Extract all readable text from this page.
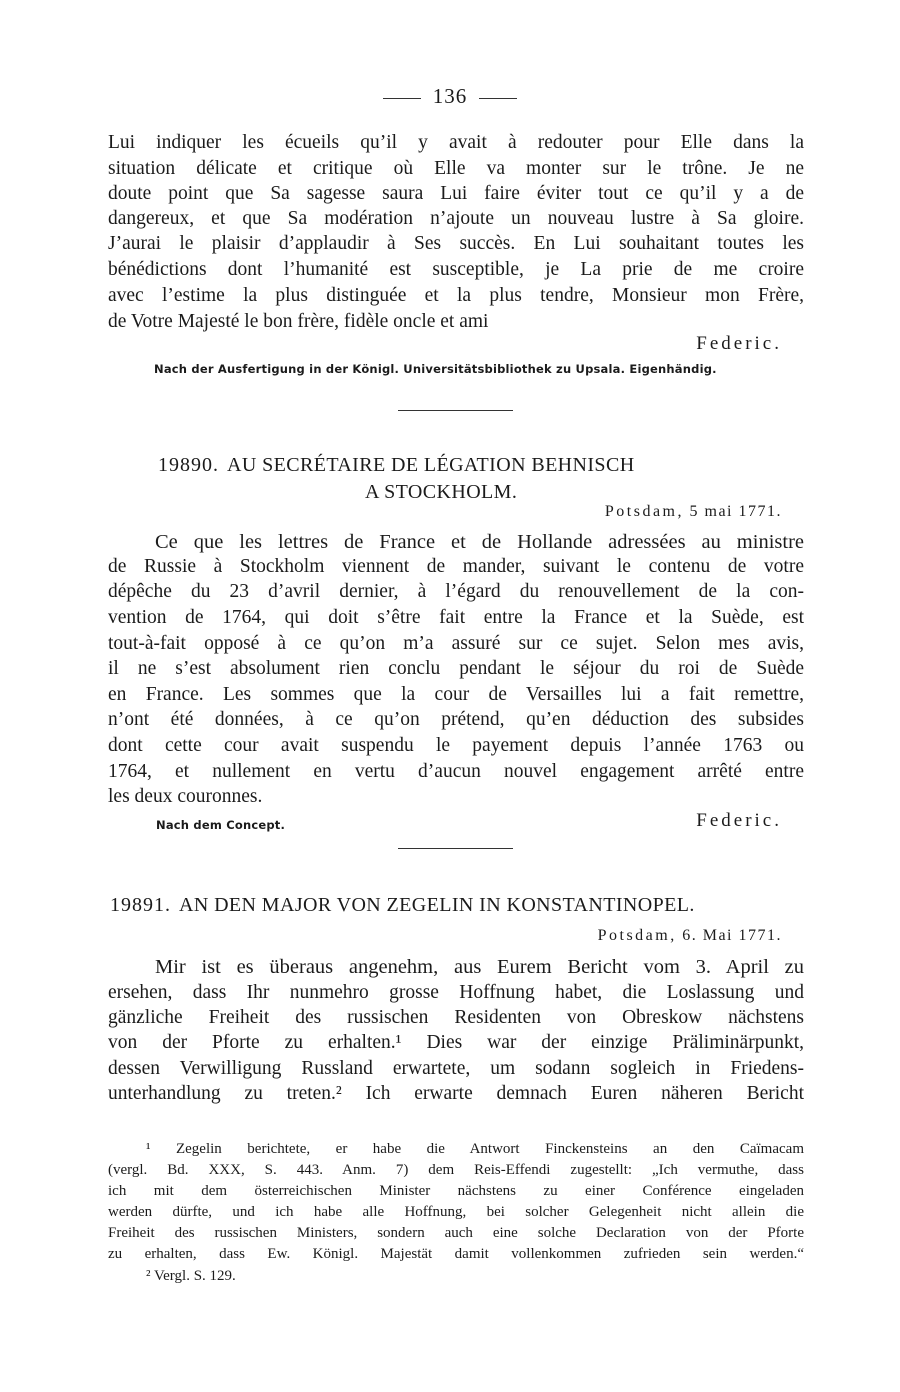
136

Lui indiquer les écueils qu’il y avait à redouter pour Elle dans la

situation délicate et critique où Elle va monter sur le trône. Je ne

doute point que Sa sagesse saura Lui faire éviter tout ce qu’il y a de

dangereux, et que Sa modération n’ajoute un nouveau lustre à Sa gloire.

J’aurai le plaisir d’applaudir à Ses succès. En Lui souhaitant toutes les

bénédictions dont l’humanité est susceptible, je La prie de me croire

avec l’estime la plus distinguée et la plus tendre, Monsieur mon Frère,

de Votre Majesté le bon frère, fidèle oncle et ami

Federic.
Nach der Ausfertigung in der Königl. Universitätsbibliothek zu Upsala. Eigenhändig.

19890. AU SECRÉTAIRE DE LÉGATION BEHNISCH

A STOCKHOLM.

Potsdam, 5 mai 1771.

Ce que les lettres de France et de Hollande adressées au ministre

de Russie à Stockholm viennent de mander, suivant le contenu de votre

dépêche du 23 d’avril dernier, à l’égard du renouvellement de la con-

vention de 1764, qui doit s’être fait entre la France et la Suède, est

tout-à-fait opposé à ce qu’on m’a assuré sur ce sujet. Selon mes avis,

il ne s’est absolument rien conclu pendant le séjour du roi de Suède

en France. Les sommes que la cour de Versailles lui a fait remettre,

n’ont été données, à ce qu’on prétend, qu’en déduction des subsides

dont cette cour avait suspendu le payement depuis l’année 1763 ou

1764, et nullement en vertu d’aucun nouvel engagement arrêté entre

les deux couronnes.

Nach dem Concept.	Federic.

19891. AN DEN MAJOR VON ZEGELIN IN KONSTANTINOPEL.

Potsdam, 6. Mai 1771.

Mir ist es überaus angenehm, aus Eurem Bericht vom 3. April zu

ersehen, dass Ihr nunmehro grosse Hoffnung habet, die Loslassung und

gänzliche Freiheit des russischen Residenten von Obreskow nächstens

von der Pforte zu erhalten.¹ Dies war der einzige Präliminärpunkt,

dessen Verwilligung Russland erwartete, um sodann sogleich in Friedens-

unterhandlung zu treten.² Ich erwarte demnach Euren näheren Bericht

¹ Zegelin berichtete, er habe die Antwort Finckensteins an den Caïmacam

(vergl. Bd. XXX, S. 443. Anm. 7) dem Reis-Effendi zugestellt: „Ich vermuthe, dass

ich mit dem österreichischen Minister nächstens zu einer Conférence eingeladen

werden dürfte, und ich habe alle Hoffnung, bei solcher Gelegenheit nicht allein die

Freiheit des russischen Ministers, sondern auch eine solche Declaration von der Pforte

zu erhalten, dass Ew. Königl. Majestät damit vollenkommen zufrieden sein werden.“

² Vergl. S. 129.
